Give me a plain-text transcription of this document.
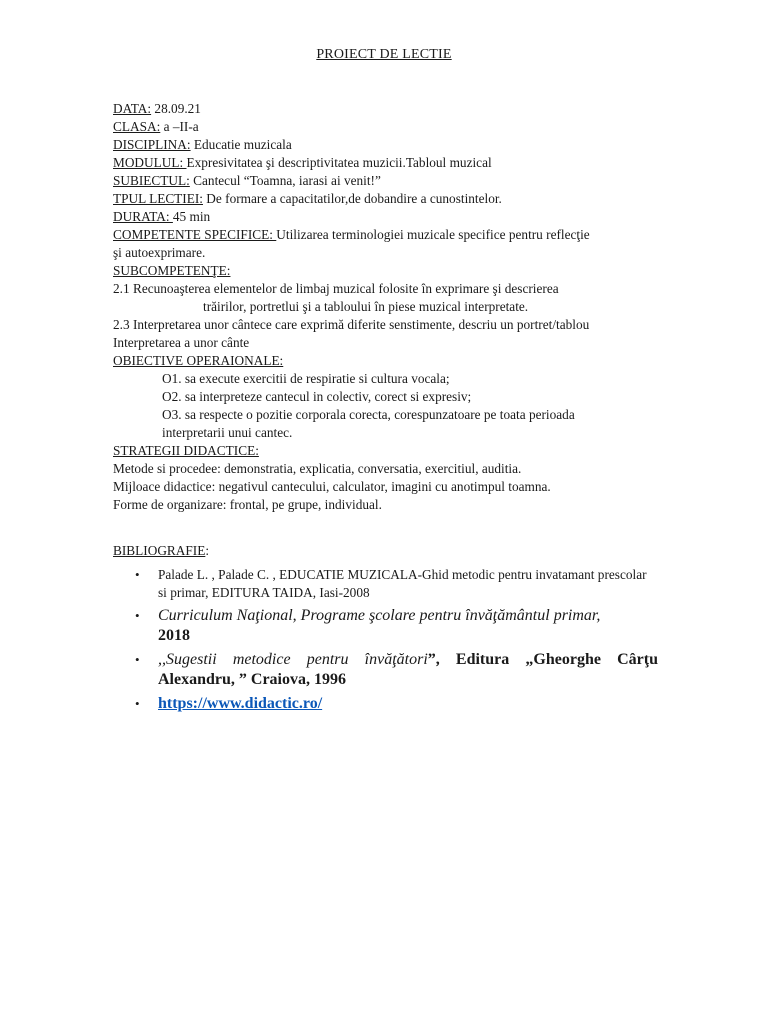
PROIECT DE LECTIE
DATA: 28.09.21
CLASA: a –II-a
DISCIPLINA: Educatie muzicala
MODULUL: Expresivitatea şi descriptivitatea muzicii.Tabloul muzical
SUBIECTUL: Cantecul “Toamna, iarasi ai venit!”
TPUL LECTIEI: De formare a capacitatilor,de dobandire a cunostintelor.
DURATA: 45 min
COMPETENTE SPECIFICE: Utilizarea terminologiei muzicale specifice pentru reflecţie
şi autoexprimare.
SUBCOMPETENŢE:
2.1 Recunoaşterea elementelor de limbaj muzical folosite în exprimare şi descrierea
trăirilor, portretlui şi a tabloului în piese muzical interpretate.
2.3 Interpretarea unor cântece care exprimă diferite senstimente, descriu un portret/tablou
Interpretarea a unor cânte
OBIECTIVE OPERAIONALE:
O1. sa execute exercitii de respiratie si cultura vocala;
O2. sa interpreteze cantecul in colectiv, corect si expresiv;
O3. sa respecte o pozitie corporala corecta, corespunzatoare pe toata perioada
interpretarii unui cantec.
STRATEGII DIDACTICE:
Metode si procedee: demonstratia, explicatia, conversatia, exercitiul, auditia.
Mijloace didactice: negativul cantecului, calculator, imagini cu anotimpul toamna.
Forme de organizare: frontal, pe grupe, individual.
BIBLIOGRAFIE:
• Palade L. , Palade C. , EDUCATIE MUZICALA-Ghid metodic pentru invatamant prescolar si primar, EDITURA TAIDA, Iasi-2008
• Curriculum Naţional, Programe şcolare pentru învăţământul primar,
2018
• ,,Sugestii metodice pentru învăţători”, Editura „Gheorghe Cârţu Alexandru, ” Craiova, 1996
• https://www.didactic.ro/
